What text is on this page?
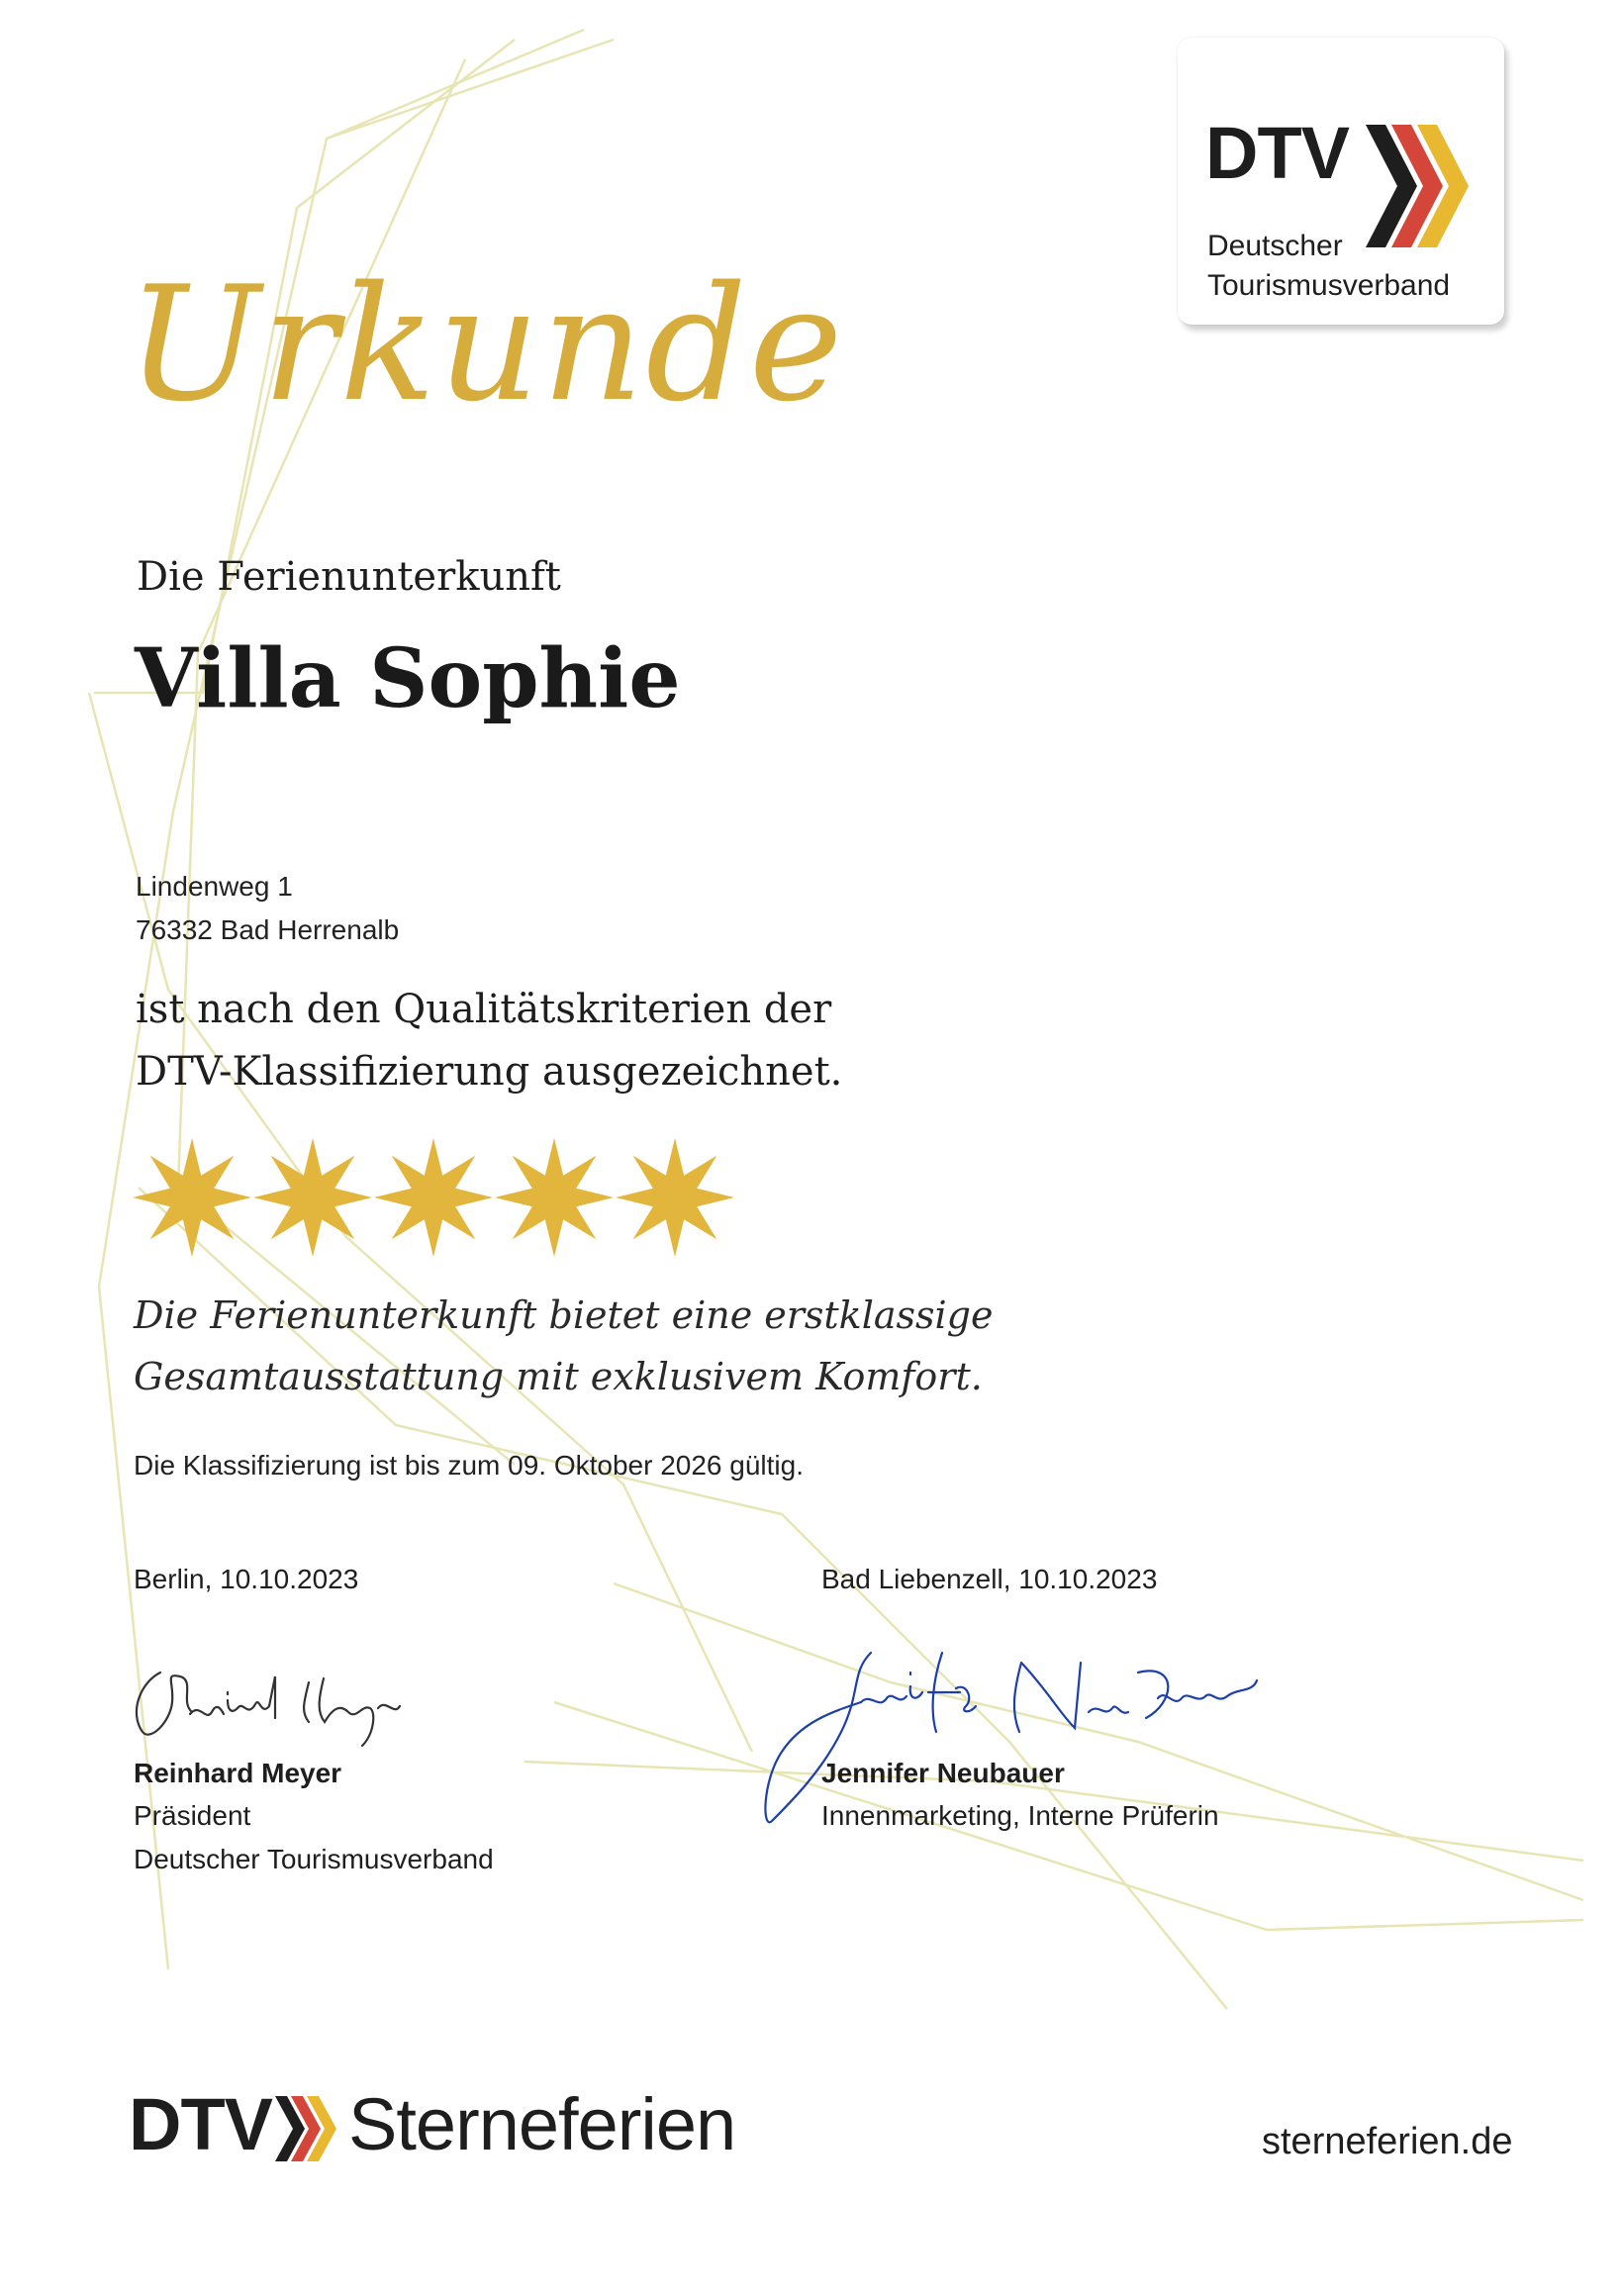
DTV

Deutscher
Tourismusverband
Urkunde
Die Ferienunterkunft
Villa Sophie
Lindenweg 1
76332 Bad Herrenalb
ist nach den Qualitätskriterien der
DTV-Klassifizierung ausgezeichnet.
Die Ferienunterkunft bietet eine erstklassige
Gesamtausstattung mit exklusivem Komfort.
Die Klassifizierung ist bis zum 09. Oktober 2026 gültig.
Berlin, 10.10.2023	Bad Liebenzell, 10.10.2023
Reinhard Meyer
Präsident
Deutscher Tourismusverband
Jennifer Neubauer
Innenmarketing, Interne Prüferin
DTV Sterneferien	sterneferien.de
